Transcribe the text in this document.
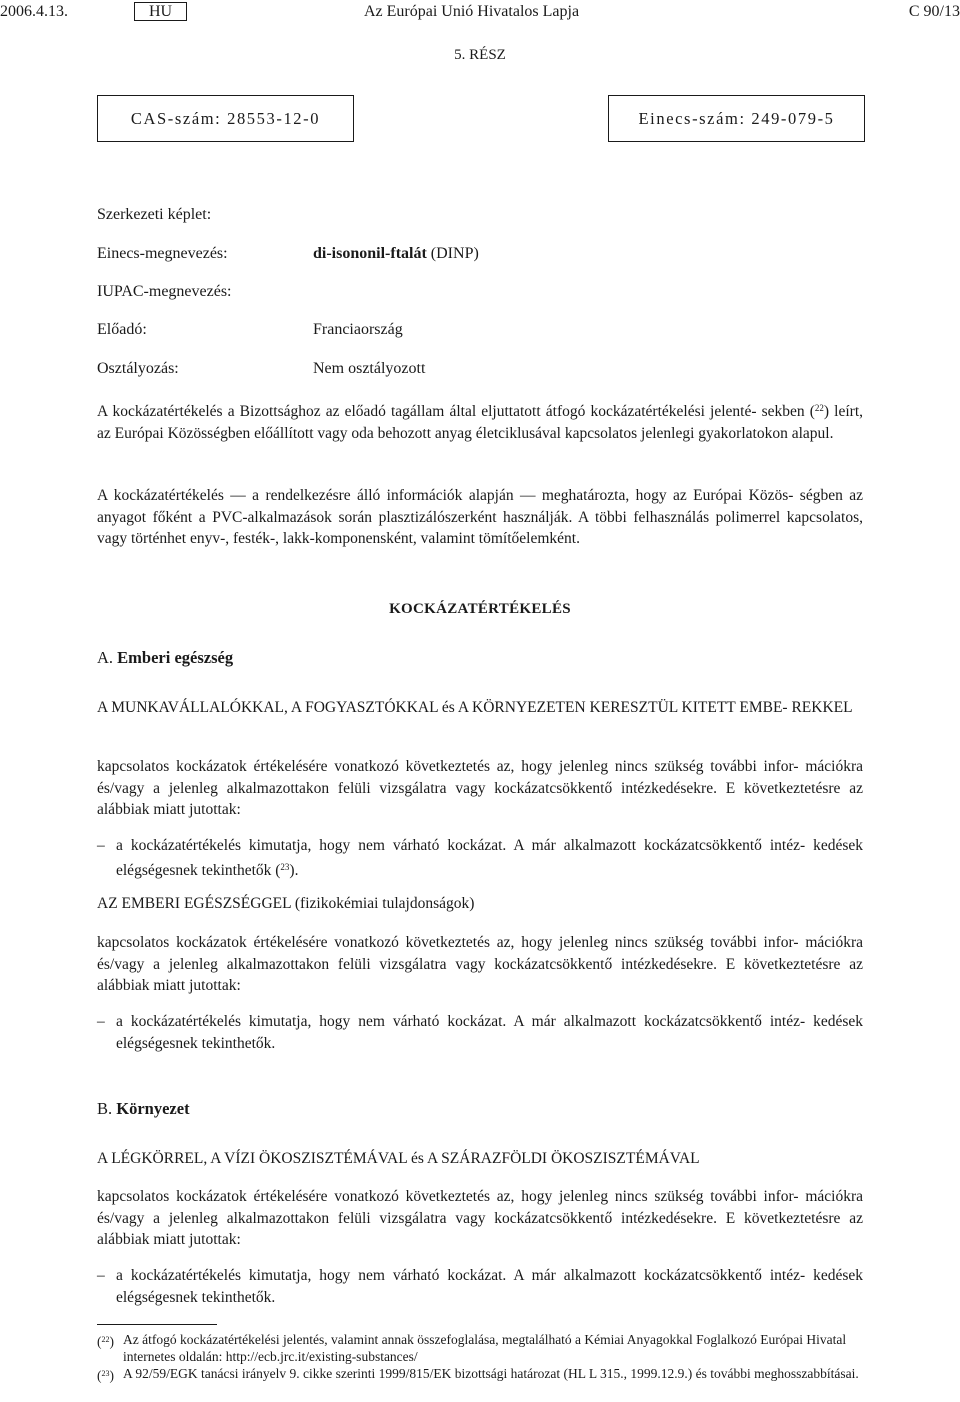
2006.4.13.	HU	Az Európai Unió Hivatalos Lapja	C 90/13
5. RÉSZ
CAS-szám: 28553-12-0	Einecs-szám: 249-079-5
Szerkezeti képlet:
Einecs-megnevezés:	di-isononil-ftalát (DINP)
IUPAC-megnevezés:
Előadó:	Franciaország
Osztályozás:	Nem osztályozott
A kockázatértékelés a Bizottsághoz az előadó tagállam által eljuttatott átfogó kockázatértékelési jelenté- sekben ($^{22}$) leírt, az Európai Közösségben előállított vagy oda behozott anyag életciklusával kapcsolatos jelenlegi gyakorlatokon alapul.
A kockázatértékelés — a rendelkezésre álló információk alapján — meghatározta, hogy az Európai Közös- ségben az anyagot főként a PVC-alkalmazások során plasztizálószerként használják. A többi felhasználás polimerrel kapcsolatos, vagy történhet enyv-, festék-, lakk-komponensként, valamint tömítőelemként.
KOCKÁZATÉRTÉKELÉS
A. Emberi egészség
A MUNKAVÁLLALÓKKAL, A FOGYASZTÓKKAL és A KÖRNYEZETEN KERESZTÜL KITETT EMBE- REKKEL
kapcsolatos kockázatok értékelésére vonatkozó következtetés az, hogy jelenleg nincs szükség további infor- mációkra és/vagy a jelenleg alkalmazottakon felüli vizsgálatra vagy kockázatcsökkentő intézkedésekre. E következtetésre az alábbiak miatt jutottak:
– a kockázatértékelés kimutatja, hogy nem várható kockázat. A már alkalmazott kockázatcsökkentő intéz- kedések elégségesnek tekinthetők ($^{23}$).
AZ EMBERI EGÉSZSÉGGEL (fizikokémiai tulajdonságok)
kapcsolatos kockázatok értékelésére vonatkozó következtetés az, hogy jelenleg nincs szükség további infor- mációkra és/vagy a jelenleg alkalmazottakon felüli vizsgálatra vagy kockázatcsökkentő intézkedésekre. E következtetésre az alábbiak miatt jutottak:
– a kockázatértékelés kimutatja, hogy nem várható kockázat. A már alkalmazott kockázatcsökkentő intéz- kedések elégségesnek tekinthetők.
B. Környezet
A LÉGKÖRREL, A VÍZI ÖKOSZISZTÉMÁVAL és A SZÁRAZFÖLDI ÖKOSZISZTÉMÁVAL
kapcsolatos kockázatok értékelésére vonatkozó következtetés az, hogy jelenleg nincs szükség további infor- mációkra és/vagy a jelenleg alkalmazottakon felüli vizsgálatra vagy kockázatcsökkentő intézkedésekre. E következtetésre az alábbiak miatt jutottak:
– a kockázatértékelés kimutatja, hogy nem várható kockázat. A már alkalmazott kockázatcsökkentő intéz- kedések elégségesnek tekinthetők.
($^{22}$) Az átfogó kockázatértékelési jelentés, valamint annak összefoglalása, megtalálható a Kémiai Anyagokkal Foglalkozó Európai Hivatal internetes oldalán: http://ecb.jrc.it/existing-substances/
($^{23}$) A 92/59/EGK tanácsi irányelv 9. cikke szerinti 1999/815/EK bizottsági határozat (HL L 315., 1999.12.9.) és további meghosszabbításai.
